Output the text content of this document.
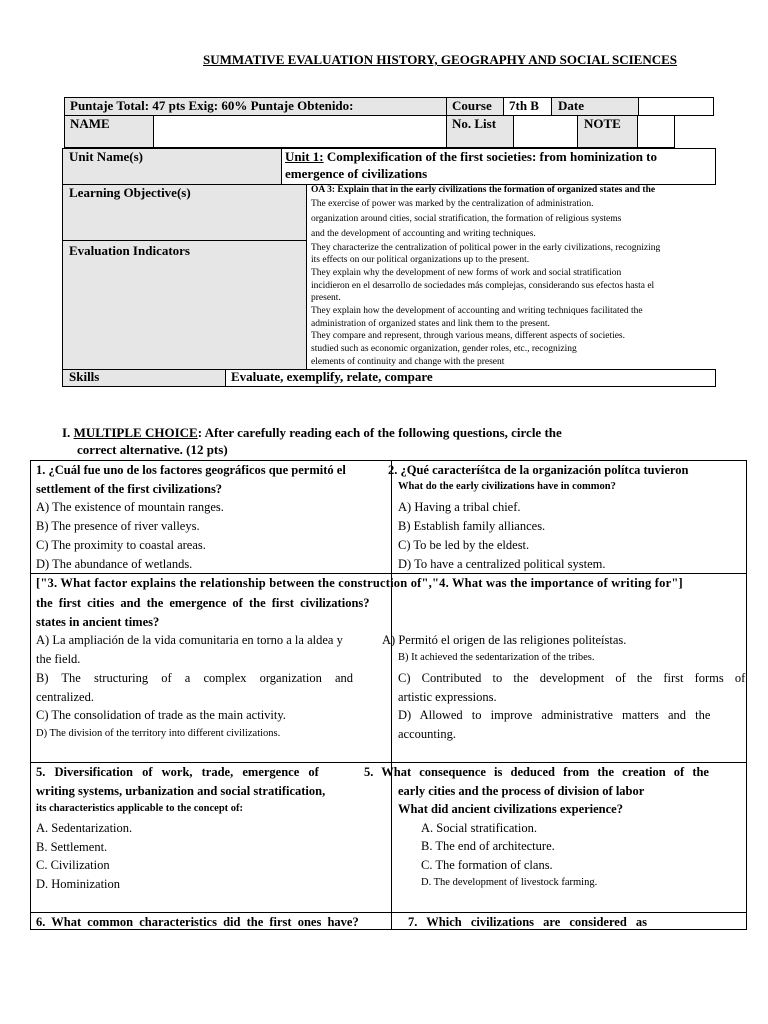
SUMMATIVE EVALUATION HISTORY, GEOGRAPHY AND SOCIAL SCIENCES
Puntaje Total: 47 pts Exig: 60% Puntaje Obtenido:	Course 7th B Date
NAME	No. List	NOTE
Unit Name(s)	Unit 1: Complexification of the first societies: from hominization to
emergence of civilizations
Learning Objective(s)	OA 3: Explain that in the early civilizations the formation of organized states and the
The exercise of power was marked by the centralization of administration.
organization around cities, social stratification, the formation of religious systems
and the development of accounting and writing techniques.
Evaluation Indicators	They characterize the centralization of political power in the early civilizations, recognizing
its effects on our political organizations up to the present.
They explain why the development of new forms of work and social stratification
incidieron en el desarrollo de sociedades más complejas, considerando sus efectos hasta el
present.
They explain how the development of accounting and writing techniques facilitated the
administration of organized states and link them to the present.
They compare and represent, through various means, different aspects of societies.
studied such as economic organization, gender roles, etc., recognizing
elements of continuity and change with the present
Skills	Evaluate, exemplify, relate, compare
I. MULTIPLE CHOICE: After carefully reading each of the following questions, circle the
correct alternative. (12 pts)
1. ¿Cuál fue uno de los factores geográficos que permitó el
settlement of the first civilizations?
A) The existence of mountain ranges.
B) The presence of river valleys.
C) The proximity to coastal areas.
D) The abundance of wetlands.
2. ¿Qué caracteríśtca de la organización polítca tuvieron
What do the early civilizations have in common?
A) Having a tribal chief.
B) Establish family alliances.
C) To be led by the eldest.
D) To have a centralized political system.
["3. What factor explains the relationship between the construction of","4. What was the importance of writing for"]
the first cities and the emergence of the first civilizations?
states in ancient times?
A) La ampliación de la vida comunitaria en torno a la aldea y
the field.
B) The structuring of a complex organization and
centralized.
C) The consolidation of trade as the main activity.
D) The division of the territory into different civilizations.
A) Permitó el origen de las religiones politeístas.
B) It achieved the sedentarization of the tribes.
C) Contributed to the development of the first forms of
artistic expressions.
D) Allowed to improve administrative matters and the
accounting.
5. Diversification of work, trade, emergence of
writing systems, urbanization and social stratification,
its characteristics applicable to the concept of:
A. Sedentarization.
B. Settlement.
C. Civilization
D. Hominization
5. What consequence is deduced from the creation of the
early cities and the process of division of labor
What did ancient civilizations experience?
A. Social stratification.
B. The end of architecture.
C. The formation of clans.
D. The development of livestock farming.
6. What common characteristics did the first ones have?	7. Which civilizations are considered as
